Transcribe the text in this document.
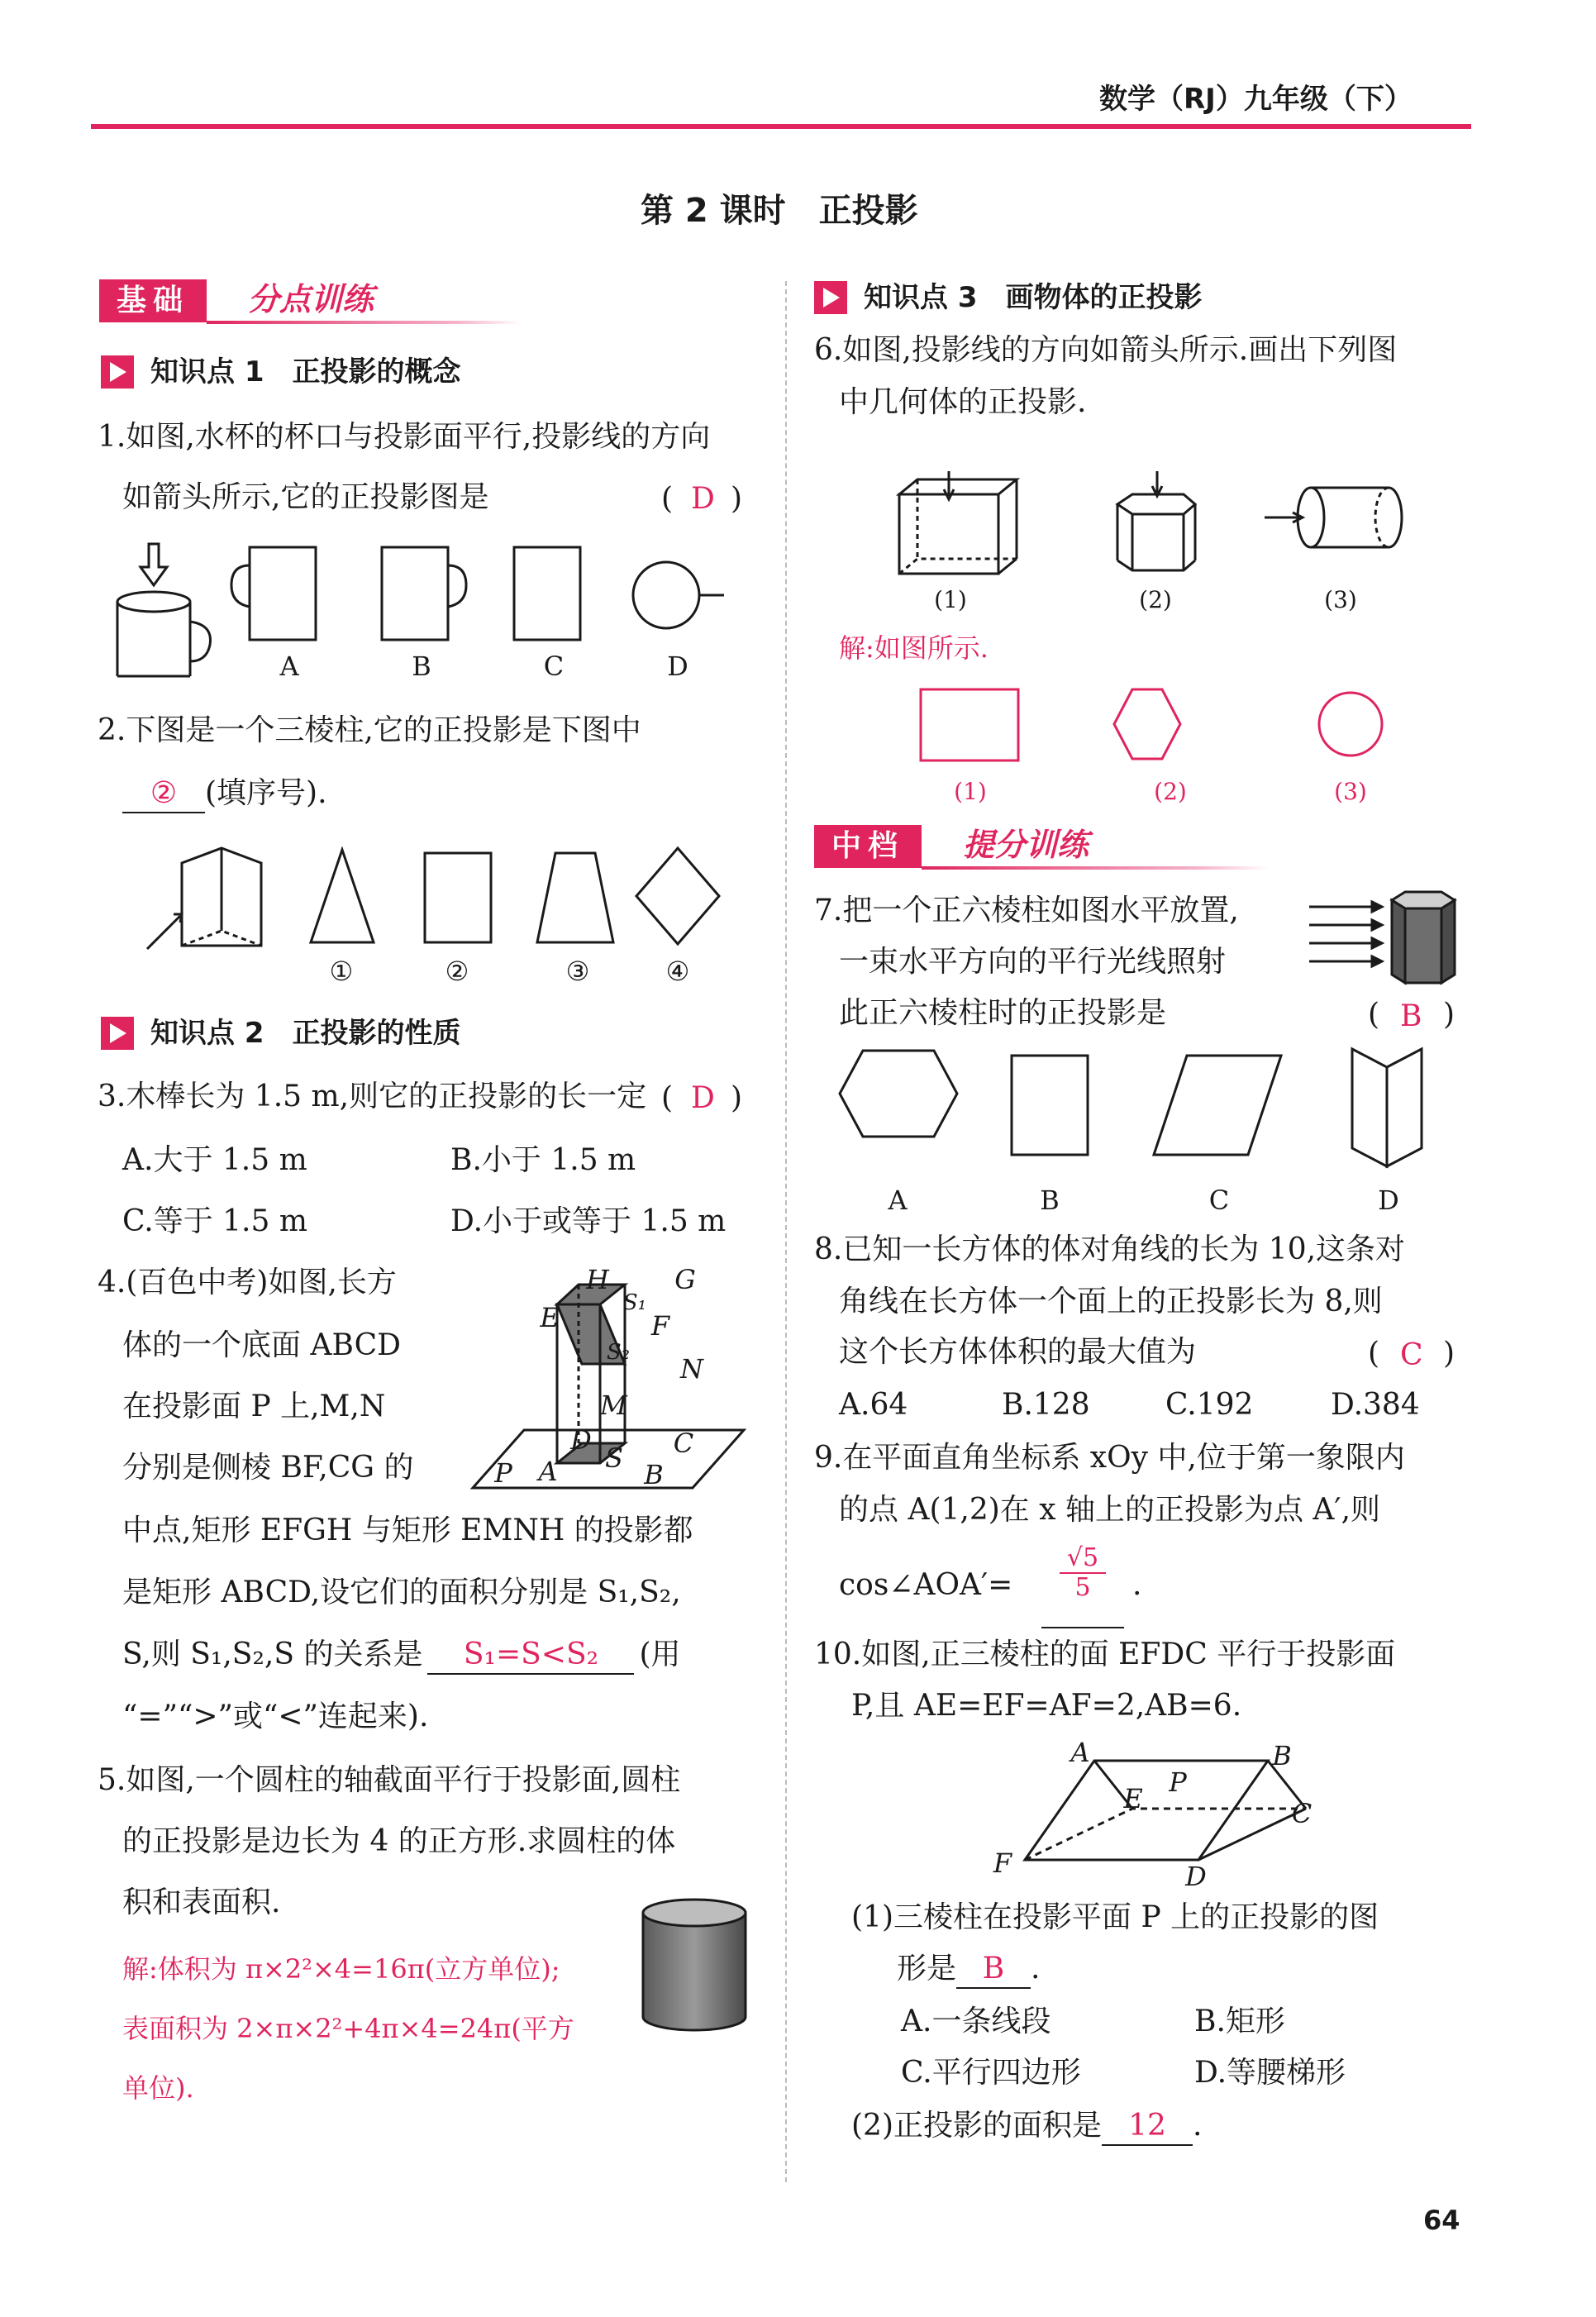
数学（RJ）九年级（下）
第 2 课时　正投影
基础	分点训练
知识点 1　正投影的概念
1.如图,水杯的杯口与投影面平行,投影线的方向
如箭头所示,它的正投影图是	( D )
A	B	C	D
2.下图是一个三棱柱,它的正投影是下图中
② (填序号).
①	②	③	④
知识点 2　正投影的性质
3.木棒长为 1.5 m,则它的正投影的长一定 ( D )
A.大于 1.5 m	B.小于 1.5 m
C.等于 1.5 m	D.小于或等于 1.5 m
4.(百色中考)如图,长方
体的一个底面 ABCD
在投影面 P 上,M,N
分别是侧棱 BF,CG 的
中点,矩形 EFGH 与矩形 EMNH 的投影都
是矩形 ABCD,设它们的面积分别是 S₁,S₂,
S,则 S₁,S₂,S 的关系是 S₁=S<S₂ (用
“=”“>”或“<”连起来).
H G
E	S₁
F
S₂
N
M
D	C
P A S
B
5.如图,一个圆柱的轴截面平行于投影面,圆柱
的正投影是边长为 4 的正方形.求圆柱的体
积和表面积.
解:体积为 π×2²×4=16π(立方单位);
表面积为 2×π×2²+4π×4=24π(平方
单位).
知识点 3　画物体的正投影
6.如图,投影线的方向如箭头所示.画出下列图
中几何体的正投影.
(1)	(2)	(3)
解:如图所示.
(1)	(2)	(3)
中档	提分训练
7.把一个正六棱柱如图水平放置,
一束水平方向的平行光线照射
此正六棱柱时的正投影是	( B )
A	B	C	D
8.已知一长方体的体对角线的长为 10,这条对
角线在长方体一个面上的正投影长为 8,则
这个长方体体积的最大值为	( C )
A.64	B.128	C.192	D.384
9.在平面直角坐标系 xOy 中,位于第一象限内
的点 A(1,2)在 x 轴上的正投影为点 A′,则
cos∠AOA′= $\frac{√5}{5}$ .
10.如图,正三棱柱的面 EFDC 平行于投影面
P,且 AE=EF=AF=2,AB=6.
A	B
E
P
C
F	D
(1)三棱柱在投影平面 P 上的正投影的图
形是 B .
A.一条线段	B.矩形
C.平行四边形	D.等腰梯形
(2)正投影的面积是 12 .
64
